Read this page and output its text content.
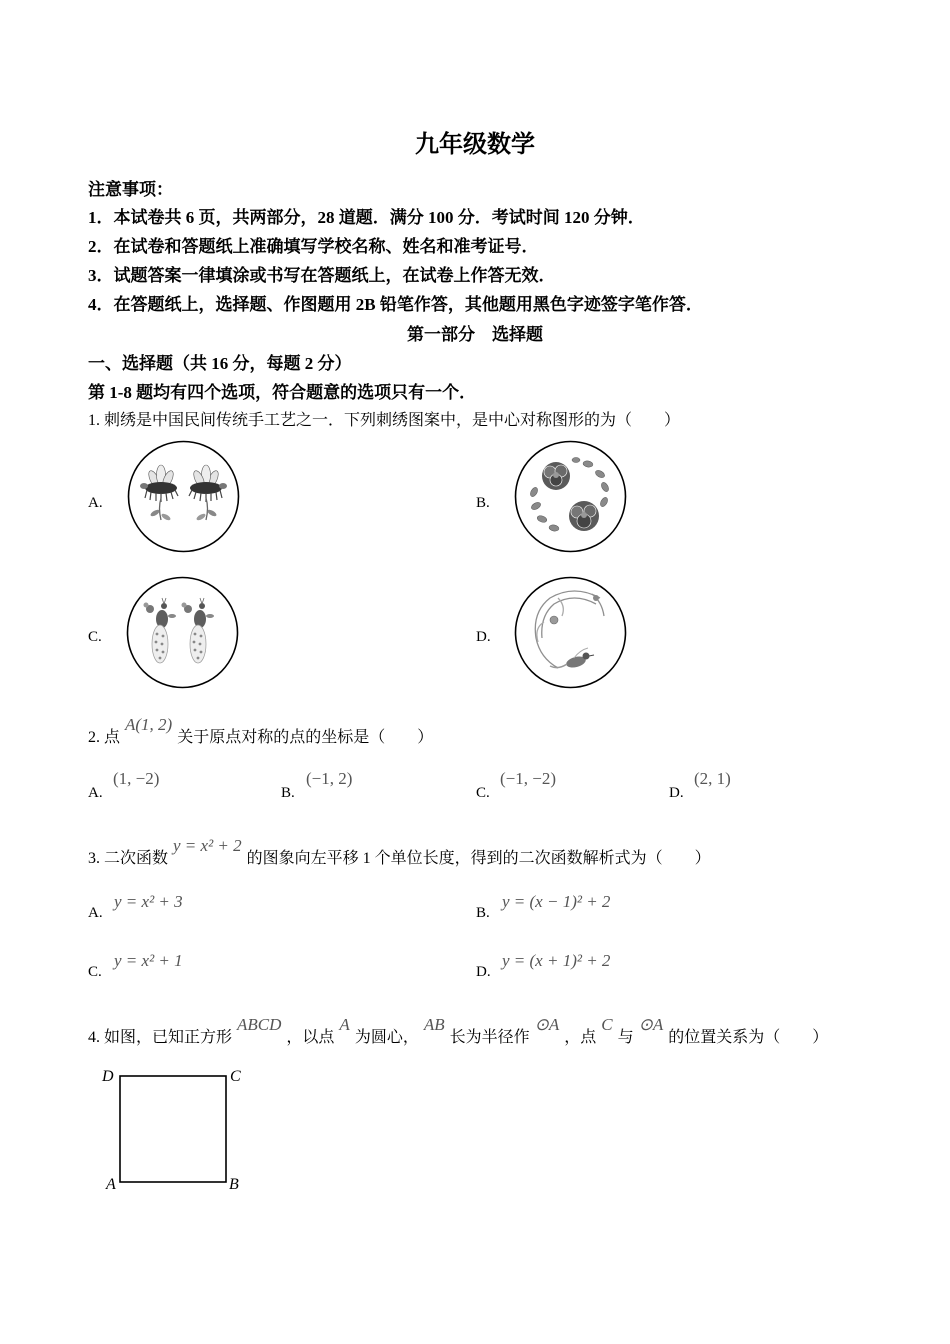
九年级数学
注意事项：
1．本试卷共 6 页，共两部分，28 道题．满分 100 分．考试时间 120 分钟．
2．在试卷和答题纸上准确填写学校名称、姓名和准考证号．
3．试题答案一律填涂或书写在答题纸上，在试卷上作答无效．
4．在答题纸上，选择题、作图题用 2B 铅笔作答，其他题用黑色字迹签字笔作答．
第一部分　选择题
一、选择题（共 16 分，每题 2 分）
第 1-8 题均有四个选项，符合题意的选项只有一个．
1. 刺绣是中国民间传统手工艺之一．下列刺绣图案中，是中心对称图形的为（　　）
A.	B.
C.	D.
2. 点A(1, 2)关于原点对称的点的坐标是（　　）
A.
(1, −2)
B.
(−1, 2)
C.
(−1, −2)
D.
(2, 1)
3. 二次函数y = x² + 2的图象向左平移 1 个单位长度，得到的二次函数解析式为（　　）
A.
y = x² + 3
B.
y = (x − 1)² + 2
C.
y = x² + 1
D.
y = (x + 1)² + 2
4. 如图，已知正方形ABCD，以点A为圆心，AB长为半径作⊙A，点C与⊙A的位置关系为（　　）
D	C
A	B
